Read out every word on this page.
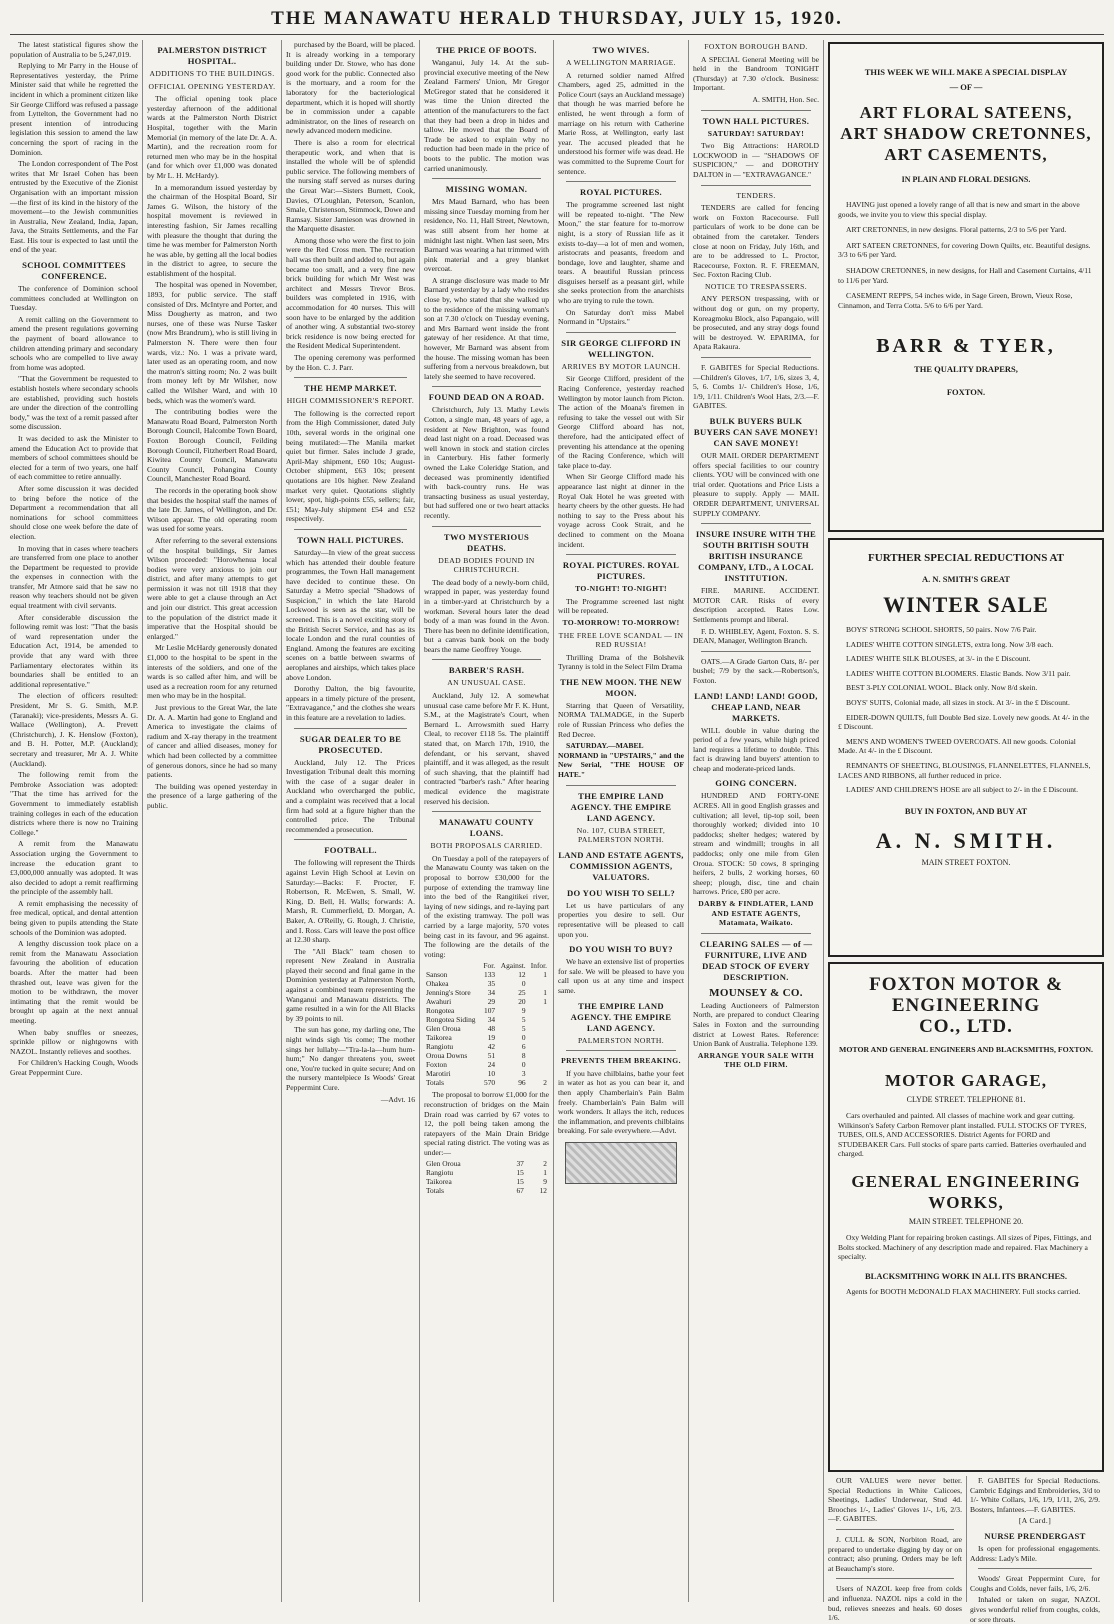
THE MANAWATU HERALD THURSDAY, JULY 15, 1920.

The latest statistical figures show the population of Australia to be 5,247,019.

Replying to Mr Parry in the House of Representatives yesterday, the Prime Minister said that while he regretted the incident in which a prominent citizen like Sir George Clifford was refused a passage from Lyttelton, the Government had no present intention of introducing legislation this session to amend the law concerning the sport of racing in the Dominion.

The London correspondent of The Post writes that Mr Israel Cohen has been entrusted by the Executive of the Zionist Organisation with an important mission—the first of its kind in the history of the movement—to the Jewish communities in Australia, New Zealand, India, Japan, Java, the Straits Settlements, and the Far East. His tour is expected to last until the end of the year.

SCHOOL COMMITTEES CONFERENCE.

The conference of Dominion school committees concluded at Wellington on Tuesday.

A remit calling on the Government to amend the present regulations governing the payment of board allowance to children attending primary and secondary schools who are compelled to live away from home was adopted.

"That the Government be requested to establish hostels where secondary schools are established, providing such hostels are under the direction of the controlling body," was the text of a remit passed after some discussion.

It was decided to ask the Minister to amend the Education Act to provide that members of school committees should be elected for a term of two years, one half of each committee to retire annually.

After some discussion it was decided to bring before the notice of the Department a recommendation that all nominations for school committees should close one week before the date of election.

In moving that in cases where teachers are transferred from one place to another the Department be requested to provide the expenses in connection with the transfer, Mr Atmore said that he saw no reason why teachers should not be given equal treatment with civil servants.

After considerable discussion the following remit was lost: "That the basis of ward representation under the Education Act, 1914, be amended to provide that any ward with three Parliamentary electorates within its boundaries shall be entitled to an additional representative."

The election of officers resulted: President, Mr S. G. Smith, M.P. (Taranaki); vice-presidents, Messrs A. G. Wallace (Wellington), A. Prevett (Christchurch), J. K. Henslow (Foxton), and B. H. Potter, M.P. (Auckland); secretary and treasurer, Mr A. J. White (Auckland).

The following remit from the Pembroke Association was adopted: "That the time has arrived for the Government to immediately establish training colleges in each of the education districts where there is now no Training College."

A remit from the Manawatu Association urging the Government to increase the education grant to £3,000,000 annually was adopted. It was also decided to adopt a remit reaffirming the principle of the assembly hall.

A remit emphasising the necessity of free medical, optical, and dental attention being given to pupils attending the State schools of the Dominion was adopted.

A lengthy discussion took place on a remit from the Manawatu Association favouring the abolition of education boards. After the matter had been thrashed out, leave was given for the motion to be withdrawn, the mover intimating that the remit would be brought up again at the next annual meeting.

When baby snuffles or sneezes, sprinkle pillow or nightgowns with NAZOL. Instantly relieves and soothes.

For Children's Hacking Cough, Woods Great Peppermint Cure.

PALMERSTON DISTRICT HOSPITAL.
ADDITIONS TO THE BUILDINGS.
OFFICIAL OPENING YESTERDAY.

The official opening took place yesterday afternoon of the additional wards at the Palmerston North District Hospital, together with the Marin Memorial (in memory of the late Dr. A. A. Martin), and the recreation room for returned men who may be in the hospital (and for which over £1,000 was donated by Mr L. H. McHardy).

In a memorandum issued yesterday by the chairman of the Hospital Board, Sir James G. Wilson, the history of the hospital movement is reviewed in interesting fashion, Sir James recalling with pleasure the thought that during the time he was member for Palmerston North he was able, by getting all the local bodies in the district to agree, to secure the establishment of the hospital.

The hospital was opened in November, 1893, for public service. The staff consisted of Drs. McIntyre and Porter, and Miss Dougherty as matron, and two nurses, one of these was Nurse Tasker (now Mrs Brandrum), who is still living in Palmerston N. There were then four wards, viz.: No. 1 was a private ward, later used as an operating room, and now the matron's sitting room; No. 2 was built from money left by Mr Wilsher, now called the Wilsher Ward, and with 10 beds, which was the women's ward.

The contributing bodies were the Manawatu Road Board, Palmerston North Borough Council, Halcombe Town Board, Foxton Borough Council, Feilding Borough Council, Fitzherbert Road Board, Kiwitea County Council, Manawatu County Council, Pohangina County Council, Manchester Road Board.

The records in the operating book show that besides the hospital staff the names of the late Dr. James, of Wellington, and Dr. Wilson appear. The old operating room was used for some years.

After referring to the several extensions of the hospital buildings, Sir James Wilson proceeded: "Horowhenua local bodies were very anxious to join our district, and after many attempts to get permission it was not till 1918 that they were able to get a clause through an Act and join our district. This great accession to the population of the district made it imperative that the Hospital should be enlarged."

Mr Leslie McHardy generously donated £1,000 to the hospital to be spent in the interests of the soldiers, and one of the wards is so called after him, and will be used as a recreation room for any returned men who may be in the hospital.

Just previous to the Great War, the late Dr. A. A. Martin had gone to England and America to investigate the claims of radium and X-ray therapy in the treatment of cancer and allied diseases, money for which had been collected by a committee of generous donors, since he had so many patients.

The building was opened yesterday in the presence of a large gathering of the public.

purchased by the Board, will be placed. It is already working in a temporary building under Dr. Stowe, who has done good work for the public. Connected also is the mortuary, and a room for the laboratory for the bacteriological department, which it is hoped will shortly be in commission under a capable administrator, on the lines of research on newly advanced modern medicine.

There is also a room for electrical therapeutic work, and when that is installed the whole will be of splendid public service. The following members of the nursing staff served as nurses during the Great War:—Sisters Burnett, Cook, Davies, O'Loughlan, Peterson, Scanlon, Smale, Christenson, Stimmock, Dowe and Ramsay. Sister Jamieson was drowned in the Marquette disaster.

Among those who were the first to join were the Red Cross men. The recreation hall was then built and added to, but again became too small, and a very fine new brick building for which Mr West was architect and Messrs Trevor Bros. builders was completed in 1916, with accommodation for 40 nurses. This will soon have to be enlarged by the addition of another wing. A substantial two-storey brick residence is now being erected for the Resident Medical Superintendent.

The opening ceremony was performed by the Hon. C. J. Parr.

THE HEMP MARKET.
HIGH COMMISSIONER'S REPORT.

The following is the corrected report from the High Commissioner, dated July 10th, several words in the original one being mutilated:—The Manila market quiet but firmer. Sales include J grade, April-May shipment, £60 10s; August-October shipment, £63 10s; present quotations are 10s higher. New Zealand market very quiet. Quotations slightly lower, spot, high-points £55, sellers; fair, £51; May-July shipment £54 and £52 respectively.

TOWN HALL PICTURES.

Saturday—In view of the great success which has attended their double feature programmes, the Town Hall management have decided to continue these. On Saturday a Metro special "Shadows of Suspicion," in which the late Harold Lockwood is seen as the star, will be screened. This is a novel exciting story of the British Secret Service, and has as its locale London and the rural counties of England. Among the features are exciting scenes on a battle between swarms of aeroplanes and airships, which takes place above London.

Dorothy Dalton, the big favourite, appears in a timely picture of the present, "Extravagance," and the clothes she wears in this feature are a revelation to ladies.

SUGAR DEALER TO BE PROSECUTED.

Auckland, July 12. The Prices Investigation Tribunal dealt this morning with the case of a sugar dealer in Auckland who overcharged the public, and a complaint was received that a local firm had sold at a figure higher than the controlled price. The Tribunal recommended a prosecution.

FOOTBALL.

The following will represent the Thirds against Levin High School at Levin on Saturday:—Backs: F. Procter, F. Robertson, R. McEwen, S. Small, W. King, D. Bell, H. Walls; forwards: A. Marsh, R. Cummerfield, D. Morgan, A. Baker, A. O'Reilly, G. Rough, J. Christie, and I. Ross. Cars will leave the post office at 12.30 sharp.

The "All Black" team chosen to represent New Zealand in Australia played their second and final game in the Dominion yesterday at Palmerston North, against a combined team representing the Wanganui and Manawatu districts. The game resulted in a win for the All Blacks by 39 points to nil.

The sun has gone, my darling one, The night winds sigh 'tis come; The mother sings her lullaby—"Tra-la-la—hum hum-hum;" No danger threatens you, sweet one, You're tucked in quite secure; And on the nursery mantelpiece Is Woods' Great Peppermint Cure.

—Advt. 16

THE PRICE OF BOOTS.

Wanganui, July 14. At the sub-provincial executive meeting of the New Zealand Farmers' Union, Mr Gregor McGregor stated that he considered it was time the Union directed the attention of the manufacturers to the fact that they had been a drop in hides and tallow. He moved that the Board of Trade be asked to explain why no reduction had been made in the price of boots to the public. The motion was carried unanimously.

MISSING WOMAN.

Mrs Maud Barnard, who has been missing since Tuesday morning from her residence, No. 11, Hall Street, Newtown, was still absent from her home at midnight last night. When last seen, Mrs Barnard was wearing a hat trimmed with pink material and a grey blanket overcoat.

A strange disclosure was made to Mr Barnard yesterday by a lady who resides close by, who stated that she walked up to the residence of the missing woman's son at 7.30 o'clock on Tuesday evening, and Mrs Barnard went inside the front gateway of her residence. At that time, however, Mr Barnard was absent from the house. The missing woman has been suffering from a nervous breakdown, but lately she seemed to have recovered.

FOUND DEAD ON A ROAD.

Christchurch, July 13. Mathy Lewis Cotton, a single man, 48 years of age, a resident at New Brighton, was found dead last night on a road. Deceased was well known in stock and station circles in Canterbury. His father formerly owned the Lake Coleridge Station, and deceased was prominently identified with back-country runs. He was transacting business as usual yesterday, but had suffered one or two heart attacks recently.

TWO MYSTERIOUS DEATHS.
DEAD BODIES FOUND IN CHRISTCHURCH.

The dead body of a newly-born child, wrapped in paper, was yesterday found in a timber-yard at Christchurch by a workman. Several hours later the dead body of a man was found in the Avon. There has been no definite identification, but a canvas bank book on the body bears the name Geoffrey Youge.

BARBER'S RASH.
AN UNUSUAL CASE.

Auckland, July 12. A somewhat unusual case came before Mr F. K. Hunt, S.M., at the Magistrate's Court, when Bernard L. Arrowsmith sued Harry Cleal, to recover £118 5s. The plaintiff stated that, on March 17th, 1910, the defendant, or his servant, shaved plaintiff, and it was alleged, as the result of such shaving, that the plaintiff had contracted "barber's rash." After hearing medical evidence the magistrate reserved his decision.

MANAWATU COUNTY LOANS.
BOTH PROPOSALS CARRIED.

On Tuesday a poll of the ratepayers of the Manawatu County was taken on the proposal to borrow £30,000 for the purpose of extending the tramway line into the bed of the Rangitikei river, laying of new sidings, and re-laying part of the existing tramway. The poll was carried by a large majority, 570 votes being cast in its favour, and 96 against. The following are the details of the voting:

	For.	Against.	Infor.
Sanson	133	12	1
Ohakea	35	0	
Jenning's Store	34	25	1
Awahuri	29	20	1
Rongotea	107	9	
Rongotea Siding	34	5	
Glen Oroua	48	5	
Taikorea	19	0	
Rangiotu	42	6	
Oroua Downs	51	8	
Foxton	24	0	
Marotiri	10	3	
Totals	570	96	2

The proposal to borrow £1,000 for the reconstruction of bridges on the Main Drain road was carried by 67 votes to 12, the poll being taken among the ratepayers of the Main Drain Bridge special rating district. The voting was as under:—

Glen Oroua	37	2
Rangiotu	15	1
Taikorea	15	9
Totals	67	12
TWO WIVES.
A WELLINGTON MARRIAGE.

A returned soldier named Alfred Chambers, aged 25, admitted in the Police Court (says an Auckland message) that though he was married before he enlisted, he went through a form of marriage on his return with Catherine Marie Ross, at Wellington, early last year. The accused pleaded that he understood his former wife was dead. He was committed to the Supreme Court for sentence.

ROYAL PICTURES.

The programme screened last night will be repeated to-night. "The New Moon," the star feature for to-morrow night, is a story of Russian life as it exists to-day—a lot of men and women, aristocrats and peasants, freedom and bondage, love and laughter, shame and tears. A beautiful Russian princess disguises herself as a peasant girl, while she seeks protection from the anarchists who are trying to rule the town.

On Saturday don't miss Mabel Normand in "Upstairs."

SIR GEORGE CLIFFORD IN WELLINGTON.
ARRIVES BY MOTOR LAUNCH.

Sir George Clifford, president of the Racing Conference, yesterday reached Wellington by motor launch from Picton. The action of the Moana's firemen in refusing to take the vessel out with Sir George Clifford aboard has not, therefore, had the anticipated effect of preventing his attendance at the opening of the Racing Conference, which will take place to-day.

When Sir George Clifford made his appearance last night at dinner in the Royal Oak Hotel he was greeted with hearty cheers by the other guests. He had nothing to say to the Press about his voyage across Cook Strait, and he declined to comment on the Moana incident.

ROYAL PICTURES. ROYAL PICTURES.
TO-NIGHT! TO-NIGHT!

The Programme screened last night will be repeated.

TO-MORROW! TO-MORROW!
THE FREE LOVE SCANDAL — IN RED RUSSIA!

Thrilling Drama of the Bolshevik Tyranny is told in the Select Film Drama

THE NEW MOON. THE NEW MOON.

Starring that Queen of Versatility, NORMA TALMADGE, in the Superb role of Russian Princess who defies the Red Decree.

SATURDAY.—MABEL NORMAND in "UPSTAIRS," and the New Serial, "THE HOUSE OF HATE."

THE EMPIRE LAND AGENCY. THE EMPIRE LAND AGENCY.
No. 107, CUBA STREET, PALMERSTON NORTH.
LAND AND ESTATE AGENTS, COMMISSION AGENTS, VALUATORS.
DO YOU WISH TO SELL?

Let us have particulars of any properties you desire to sell. Our representative will be pleased to call upon you.

DO YOU WISH TO BUY?

We have an extensive list of properties for sale. We will be pleased to have you call upon us at any time and inspect same.

THE EMPIRE LAND AGENCY. THE EMPIRE LAND AGENCY.
PALMERSTON NORTH.
PREVENTS THEM BREAKING.

If you have chilblains, bathe your feet in water as hot as you can bear it, and then apply Chamberlain's Pain Balm freely. Chamberlain's Pain Balm will work wonders. It allays the itch, reduces the inflammation, and prevents chilblains breaking. For sale everywhere.—Advt.

FOXTON BOROUGH BAND.

A SPECIAL General Meeting will be held in the Bandroom TONIGHT (Thursday) at 7.30 o'clock. Business: Important.

A. SMITH, Hon. Sec.

TOWN HALL PICTURES.
SATURDAY! SATURDAY!

Two Big Attractions: HAROLD LOCKWOOD in — "SHADOWS OF SUSPICION," — and DOROTHY DALTON in — "EXTRAVAGANCE."

TENDERS.

TENDERS are called for fencing work on Foxton Racecourse. Full particulars of work to be done can be obtained from the caretaker. Tenders close at noon on Friday, July 16th, and are to be addressed to L. Proctor, Racecourse, Foxton. R. F. FREEMAN, Sec. Foxton Racing Club.

NOTICE TO TRESPASSERS.

ANY PERSON trespassing, with or without dog or gun, on my property, Koreagmoku Block, also Papangaio, will be prosecuted, and any stray dogs found will be destroyed. W. EPARIMA, for Apata Rakaura.

F. GABITES for Special Reductions.—Children's Gloves, 1/7, 1/6, sizes 3, 4, 5, 6. Combs 1/- Children's Hose, 1/6, 1/9, 1/11. Children's Wool Hats, 2/3.—F. GABITES.

BULK BUYERS BULK BUYERS CAN SAVE MONEY! CAN SAVE MONEY!

OUR MAIL ORDER DEPARTMENT offers special facilities to our country clients. YOU will be convinced with one trial order. Quotations and Price Lists a pleasure to supply. Apply — MAIL ORDER DEPARTMENT, UNIVERSAL SUPPLY COMPANY.

INSURE INSURE WITH THE SOUTH BRITISH SOUTH BRITISH INSURANCE COMPANY, LTD., A LOCAL INSTITUTION.

FIRE. MARINE. ACCIDENT. MOTOR CAR. Risks of every description accepted. Rates Low. Settlements prompt and liberal.

F. D. WHIBLEY, Agent, Foxton. S. S. DEAN, Manager, Wellington Branch.

OATS.—A Grade Garton Oats, 8/- per bushel; 7/9 by the sack.—Robertson's, Foxton.

LAND! LAND! LAND! GOOD, CHEAP LAND, NEAR MARKETS.

WILL double in value during the period of a few years, while high priced land requires a lifetime to double. This fact is drawing land buyers' attention to cheap and moderate-priced lands.

GOING CONCERN.

HUNDRED AND FORTY-ONE ACRES. All in good English grasses and cultivation; all level, tip-top soil, been thoroughly worked; divided into 10 paddocks; shelter hedges; watered by stream and windmill; troughs in all paddocks; only one mile from Glen Oroua. STOCK: 50 cows, 8 springing heifers, 2 bulls, 2 working horses, 60 sheep; plough, disc, tine and chain harrows. Price, £80 per acre.

DARBY & FINDLATER, LAND AND ESTATE AGENTS, Matamata, Waikato.
CLEARING SALES — of — FURNITURE, LIVE AND DEAD STOCK OF EVERY DESCRIPTION.
MOUNSEY & CO.

Leading Auctioneers of Palmerston North, are prepared to conduct Clearing Sales in Foxton and the surrounding district at Lowest Rates. Reference: Union Bank of Australia. Telephone 139.

ARRANGE YOUR SALE WITH THE OLD FIRM.
THIS WEEK WE WILL MAKE A SPECIAL DISPLAY
— OF —
ART FLORAL SATEENS,
ART SHADOW CRETONNES,
ART CASEMENTS,
IN PLAIN AND FLORAL DESIGNS.

HAVING just opened a lovely range of all that is new and smart in the above goods, we invite you to view this special display.

ART CRETONNES, in new designs. Floral patterns, 2/3 to 5/6 per Yard.

ART SATEEN CRETONNES, for covering Down Quilts, etc. Beautiful designs. 3/3 to 6/6 per Yard.

SHADOW CRETONNES, in new designs, for Hall and Casement Curtains, 4/11 to 11/6 per Yard.

CASEMENT REPPS, 54 inches wide, in Sage Green, Brown, Vieux Rose, Cinnamon, and Terra Cotta. 5/6 to 6/6 per Yard.

BARR & TYER,
THE QUALITY DRAPERS,
FOXTON.
FURTHER SPECIAL REDUCTIONS AT
A. N. SMITH'S GREAT
WINTER SALE

BOYS' STRONG SCHOOL SHORTS, 50 pairs. Now 7/6 Pair.

LADIES' WHITE COTTON SINGLETS, extra long. Now 3/8 each.

LADIES' WHITE SILK BLOUSES, at 3/- in the £ Discount.

LADIES' WHITE COTTON BLOOMERS. Elastic Bands. Now 3/11 pair.

BEST 3-PLY COLONIAL WOOL. Black only. Now 8/d skein.

BOYS' SUITS, Colonial made, all sizes in stock. At 3/- in the £ Discount.

EIDER-DOWN QUILTS, full Double Bed size. Lovely new goods. At 4/- in the £ Discount.

MEN'S AND WOMEN'S TWEED OVERCOATS. All new goods. Colonial Made. At 4/- in the £ Discount.

REMNANTS OF SHEETING, BLOUSINGS, FLANNELETTES, FLANNELS, LACES AND RIBBONS, all further reduced in price.

LADIES' AND CHILDREN'S HOSE are all subject to 2/- in the £ Discount.

BUY IN FOXTON, AND BUY AT
A. N. SMITH.
MAIN STREET FOXTON.
FOXTON MOTOR &
ENGINEERING
CO., LTD.
MOTOR AND GENERAL ENGINEERS AND BLACKSMITHS, FOXTON.
MOTOR GARAGE,
CLYDE STREET. TELEPHONE 81.

Cars overhauled and painted. All classes of machine work and gear cutting. Wilkinson's Safety Carbon Remover plant installed. FULL STOCKS OF TYRES, TUBES, OILS, AND ACCESSORIES. District Agents for FORD and STUDEBAKER Cars. Full stocks of spare parts carried. Batteries overhauled and charged.

GENERAL ENGINEERING
WORKS,
MAIN STREET. TELEPHONE 20.

Oxy Welding Plant for repairing broken castings. All sizes of Pipes, Fittings, and Bolts stocked. Machinery of any description made and repaired. Flax Machinery a specialty.

BLACKSMITHING WORK IN ALL ITS BRANCHES.

Agents for BOOTH McDONALD FLAX MACHINERY. Full stocks carried.

OUR VALUES were never better. Special Reductions in White Calicoes, Sheetings, Ladies' Underwear, Stud 4d. Brooches 1/-, Ladies' Gloves 1/-, 1/6, 2/3.—F. GABITES.

J. CULL & SON, Norbiton Road, are prepared to undertake digging by day or on contract; also pruning. Orders may be left at Beauchamp's store.

Users of NAZOL keep free from colds and influenza. NAZOL nips a cold in the bud, relieves sneezes and heals. 60 doses 1/6.

F. GABITES for Special Reductions. Cambric Edgings and Embroideries, 3/d to 1/- White Collars, 1/6, 1/9, 1/11, 2/6, 2/9. Bosters, Infantees.—F. GABITES.

[A Card.]
NURSE PRENDERGAST

Is open for professional engagements. Address: Lady's Mile.

Woods' Great Peppermint Cure, for Coughs and Colds, never fails, 1/6, 2/6.

Inhaled or taken on sugar, NAZOL gives wonderful relief from coughs, colds, or sore throats.
